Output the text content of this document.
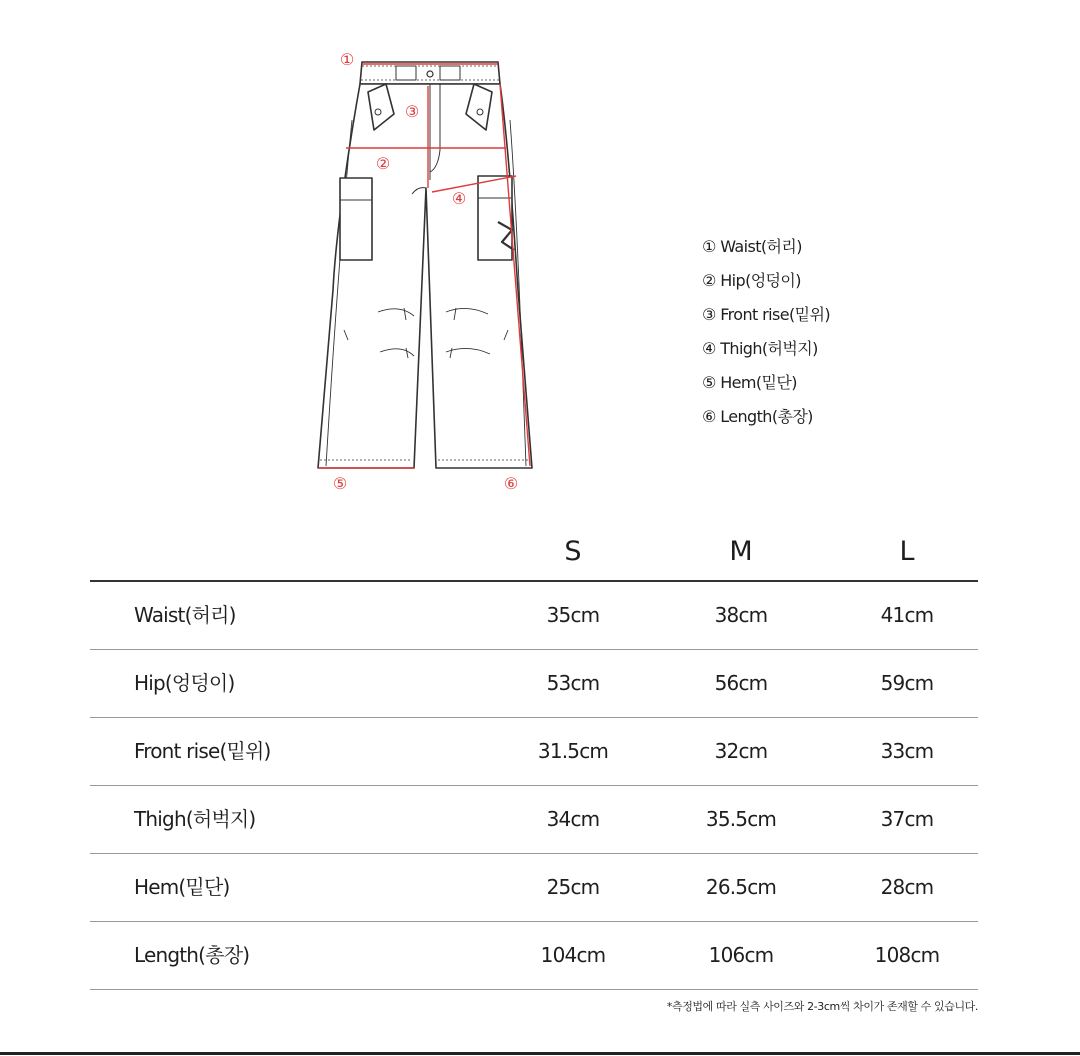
①
②
③
④
⑤	⑥
① Waist(허리)
② Hip(엉덩이)
③ Front rise(밑위)
④ Thigh(허벅지)
⑤ Hem(밑단)
⑥ Length(총장)
S	M	L
Waist(허리)	35cm	38cm	41cm
Hip(엉덩이)	53cm	56cm	59cm
Front rise(밑위)	31.5cm	32cm	33cm
Thigh(허벅지)	34cm	35.5cm	37cm
Hem(밑단)	25cm	26.5cm	28cm
Length(총장)	104cm	106cm	108cm
*측정법에 따라 실측 사이즈와 2-3cm씩 차이가 존재할 수 있습니다.
